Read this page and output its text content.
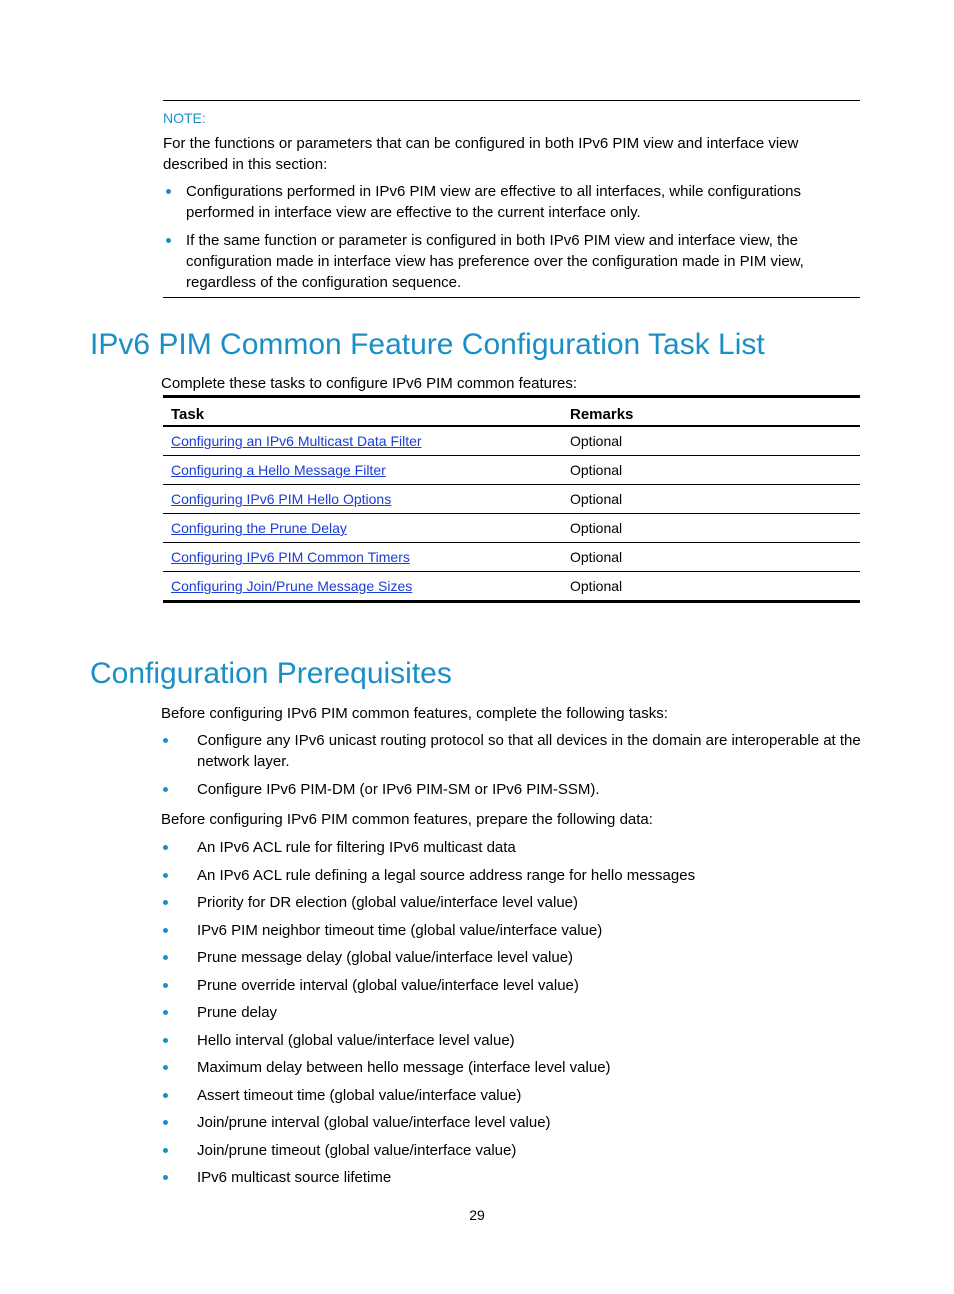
NOTE:

For the functions or parameters that can be configured in both IPv6 PIM view and interface view described in this section:

Configurations performed in IPv6 PIM view are effective to all interfaces, while configurations performed in interface view are effective to the current interface only.
If the same function or parameter is configured in both IPv6 PIM view and interface view, the configuration made in interface view has preference over the configuration made in PIM view, regardless of the configuration sequence.
IPv6 PIM Common Feature Configuration Task List

Complete these tasks to configure IPv6 PIM common features:

Task	Remarks
Configuring an IPv6 Multicast Data Filter	Optional
Configuring a Hello Message Filter	Optional
Configuring IPv6 PIM Hello Options	Optional
Configuring the Prune Delay	Optional
Configuring IPv6 PIM Common Timers	Optional
Configuring Join/Prune Message Sizes	Optional
Configuration Prerequisites

Before configuring IPv6 PIM common features, complete the following tasks:

Configure any IPv6 unicast routing protocol so that all devices in the domain are interoperable at the network layer.
Configure IPv6 PIM-DM (or IPv6 PIM-SM or IPv6 PIM-SSM).

Before configuring IPv6 PIM common features, prepare the following data:

An IPv6 ACL rule for filtering IPv6 multicast data
An IPv6 ACL rule defining a legal source address range for hello messages
Priority for DR election (global value/interface level value)
IPv6 PIM neighbor timeout time (global value/interface value)
Prune message delay (global value/interface level value)
Prune override interval (global value/interface level value)
Prune delay
Hello interval (global value/interface level value)
Maximum delay between hello message (interface level value)
Assert timeout time (global value/interface value)
Join/prune interval (global value/interface level value)
Join/prune timeout (global value/interface value)
IPv6 multicast source lifetime
29
